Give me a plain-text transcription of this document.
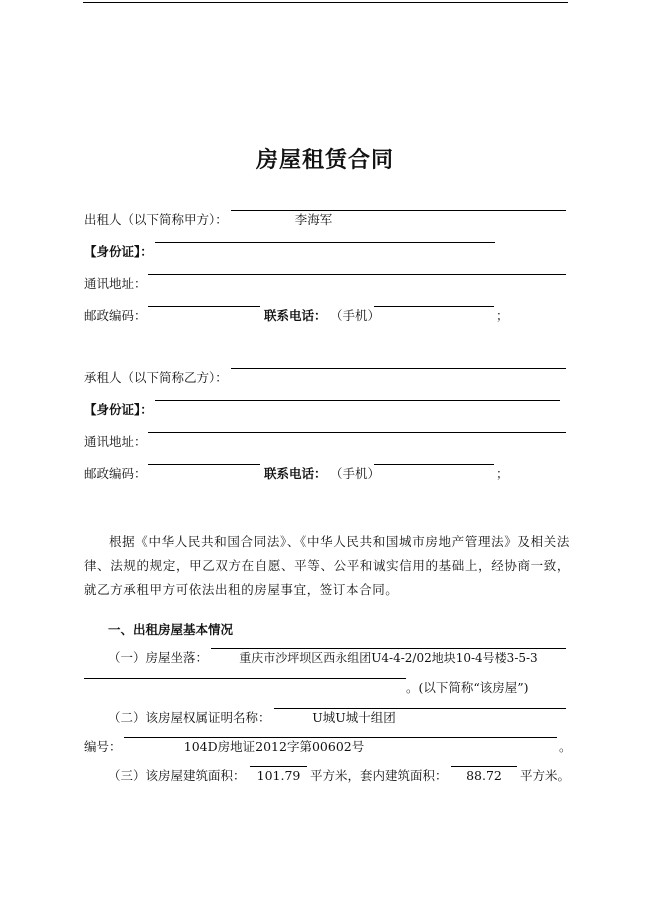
房屋租赁合同
出租人（以下简称甲方）：	李海军
【身份证】：
通讯地址：
邮政编码：	联系电话： （手机）	；
承租人（以下简称乙方）：
【身份证】：
通讯地址：
邮政编码：	联系电话： （手机）	；
根据《中华人民共和国合同法》、《中华人民共和国城市房地产管理法》及相关法律、法规的规定，甲乙双方在自愿、平等、公平和诚实信用的基础上，经协商一致，就乙方承租甲方可依法出租的房屋事宜，签订本合同。
一、出租房屋基本情况
（一）房屋坐落：	重庆市沙坪坝区西永组团U4-4-2/02地块10-4号楼3-5-3
。(以下简称“该房屋”)
（二）该房屋权属证明名称：	U城U城十组团
编号：	104D房地证2012字第00602号	。
（三）该房屋建筑面积： 101.79 平方米，套内建筑面积：	88.72	平方米。
